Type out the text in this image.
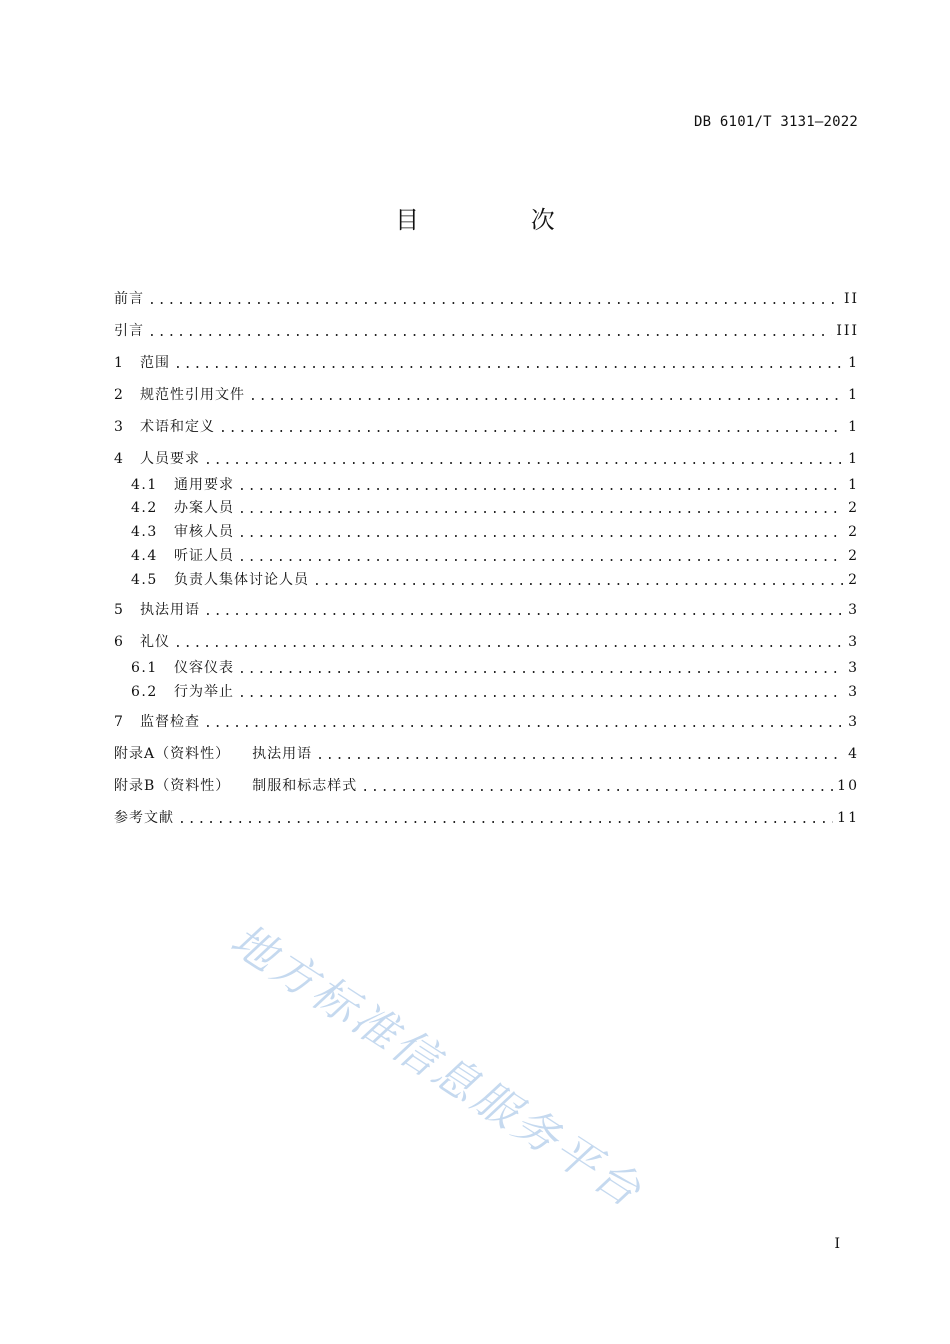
DB 6101/T 3131—2022
目 次
前言 .....	II
引言 .....	III
1	范围 .....	1
2	规范性引用文件 .....	1
3	术语和定义 .....	1
4	人员要求 .....	1
4.1	通用要求 .....	1
4.2	办案人员 .....	2
4.3	审核人员 .....	2
4.4	听证人员 .....	2
4.5	负责人集体讨论人员 .....	2
5	执法用语 .....	3
6	礼仪 .....	3
6.1	仪容仪表 .....	3
6.2	行为举止 .....	3
7	监督检查 .....	3
附录A（资料性）	执法用语 .....	4
附录B（资料性）	制服和标志样式 .....	10
参考文献 .....	11
地方标准信息服务平台
I
